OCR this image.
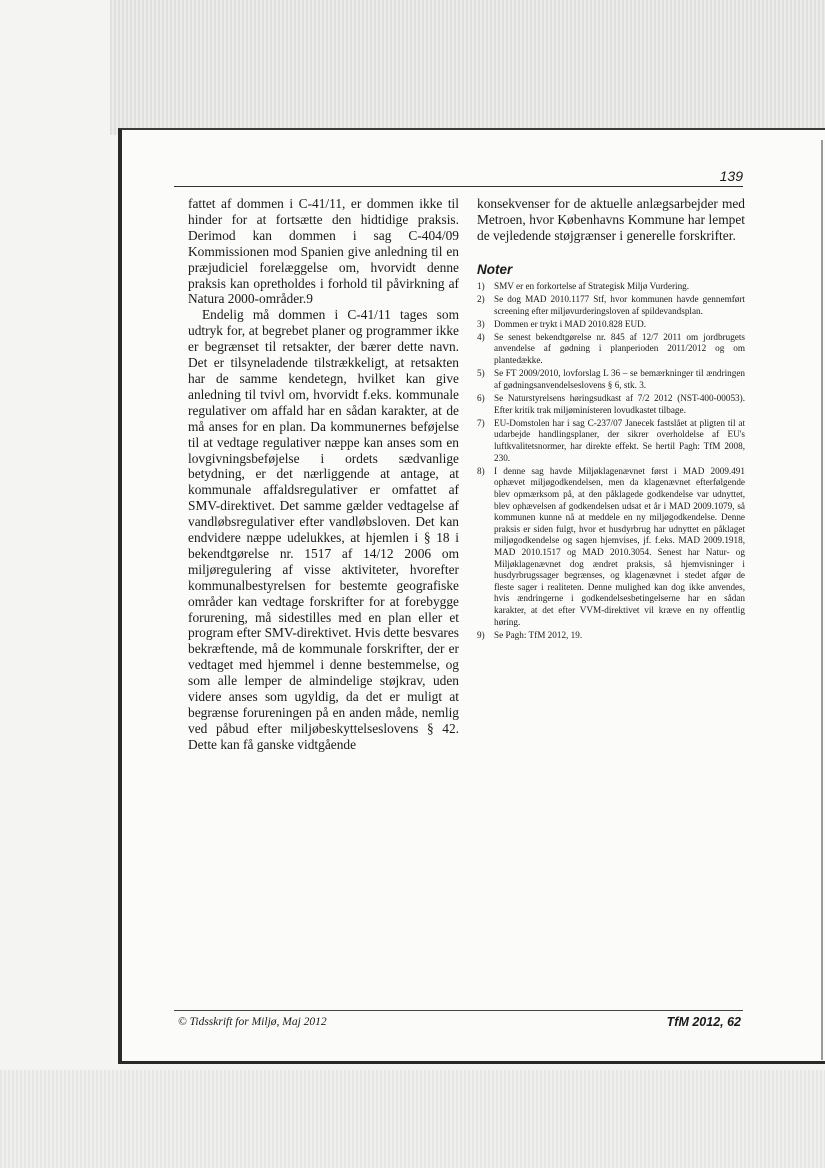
139

fattet af dommen i C-41/11, er dommen ikke til hinder for at fortsætte den hidtidige praksis. Derimod kan dommen i sag C-404/09 Kommissionen mod Spanien give anledning til en præjudiciel forelæggelse om, hvorvidt denne praksis kan opretholdes i forhold til påvirkning af Natura 2000-områder.9

Endelig må dommen i C-41/11 tages som udtryk for, at begrebet planer og programmer ikke er begrænset til retsakter, der bærer dette navn. Det er tilsyneladende tilstrækkeligt, at retsakten har de samme kendetegn, hvilket kan give anledning til tvivl om, hvorvidt f.eks. kommunale regulativer om affald har en sådan karakter, at de må anses for en plan. Da kommunernes beføjelse til at vedtage regulativer næppe kan anses som en lovgivningsbeføjelse i ordets sædvanlige betydning, er det nærliggende at antage, at kommunale affaldsregulativer er omfattet af SMV-direktivet. Det samme gælder vedtagelse af vandløbsregulativer efter vandløbsloven. Det kan endvidere næppe udelukkes, at hjemlen i § 18 i bekendtgørelse nr. 1517 af 14/12 2006 om miljøregulering af visse aktiviteter, hvorefter kommunalbestyrelsen for bestemte geografiske områder kan vedtage forskrifter for at forebygge forurening, må sidestilles med en plan eller et program efter SMV-direktivet. Hvis dette besvares bekræftende, må de kommunale forskrifter, der er vedtaget med hjemmel i denne bestemmelse, og som alle lemper de almindelige støjkrav, uden videre anses som ugyldig, da det er muligt at begrænse forureningen på en anden måde, nemlig ved påbud efter miljøbeskyttelseslovens § 42. Dette kan få ganske vidtgående

konsekvenser for de aktuelle anlægsarbejder med Metroen, hvor Københavns Kommune har lempet de vejledende støjgrænser i generelle forskrifter.

Noter
1)	SMV er en forkortelse af Strategisk Miljø Vurdering.
2)	Se dog MAD 2010.1177 Stf, hvor kommunen havde gennemført screening efter miljøvurderingsloven af spildevandsplan.
3)	Dommen er trykt i MAD 2010.828 EUD.
4)	Se senest bekendtgørelse nr. 845 af 12/7 2011 om jordbrugets anvendelse af gødning i planperioden 2011/2012 og om plantedække.
5)	Se FT 2009/2010, lovforslag L 36 – se bemærkninger til ændringen af gødningsanvendelseslovens § 6, stk. 3.
6)	Se Naturstyrelsens høringsudkast af 7/2 2012 (NST-400-00053). Efter kritik trak miljøministeren lovudkastet tilbage.
7)	EU-Domstolen har i sag C-237/07 Janecek fastslået at pligten til at udarbejde handlingsplaner, der sikrer overholdelse af EU's luftkvalitetsnormer, har direkte effekt. Se hertil Pagh: TfM 2008, 230.
8)	I denne sag havde Miljøklagenævnet først i MAD 2009.491 ophævet miljøgodkendelsen, men da klagenævnet efterfølgende blev opmærksom på, at den påklagede godkendelse var udnyttet, blev ophævelsen af godkendelsen udsat et år i MAD 2009.1079, så kommunen kunne nå at meddele en ny miljøgodkendelse. Denne praksis er siden fulgt, hvor et husdyrbrug har udnyttet en påklaget miljøgodkendelse og sagen hjemvises, jf. f.eks. MAD 2009.1918, MAD 2010.1517 og MAD 2010.3054. Senest har Natur- og Miljøklagenævnet dog ændret praksis, så hjemvisninger i husdyrbrugssager begrænses, og klagenævnet i stedet afgør de fleste sager i realiteten. Denne mulighed kan dog ikke anvendes, hvis ændringerne i godkendelsesbetingelserne har en sådan karakter, at det efter VVM-direktivet vil kræve en ny offentlig høring.
9)	Se Pagh: TfM 2012, 19.
© Tidsskrift for Miljø, Maj 2012	TfM 2012, 62
